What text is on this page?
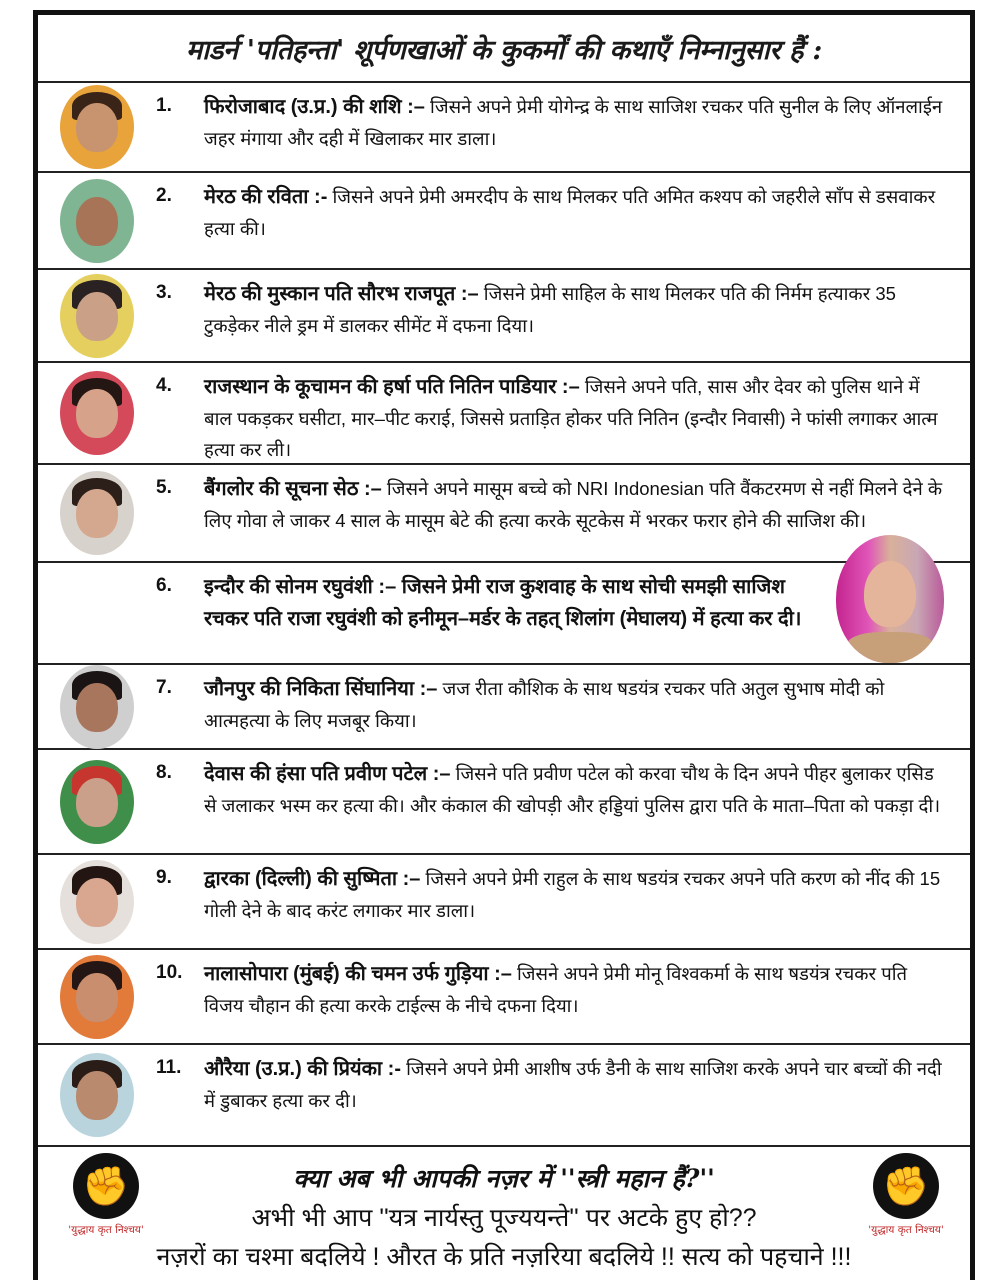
माडर्न 'पतिहन्ता' शूर्पणखाओं के कुकर्मों की कथाएँ निम्नानुसार हैं :
1.	फिरोजाबाद (उ.प्र.) की शशि :– जिसने अपने प्रेमी योगेन्द्र के साथ साजिश रचकर पति सुनील के लिए ऑनलाईन जहर मंगाया और दही में खिलाकर मार डाला।
2.	मेरठ की रविता :- जिसने अपने प्रेमी अमरदीप के साथ मिलकर पति अमित कश्यप को जहरीले साँप से डसवाकर हत्या की।
3.	मेरठ की मुस्कान पति सौरभ राजपूत :– जिसने प्रेमी साहिल के साथ मिलकर पति की निर्मम हत्याकर 35 टुकड़ेकर नीले ड्रम में डालकर सीमेंट में दफना दिया।
4.	राजस्थान के कूचामन की हर्षा पति नितिन पाडियार :– जिसने अपने पति, सास और देवर को पुलिस थाने में बाल पकड़कर घसीटा, मार–पीट कराई, जिससे प्रताड़ित होकर पति नितिन (इन्दौर निवासी) ने फांसी लगाकर आत्म हत्या कर ली।
5.	बैंगलोर की सूचना सेठ :– जिसने अपने मासूम बच्चे को NRI Indonesian पति वैंकटरमण से नहीं मिलने देने के लिए गोवा ले जाकर 4 साल के मासूम बेटे की हत्या करके सूटकेस में भरकर फरार होने की साजिश की।
6.	इन्दौर की सोनम रघुवंशी :– जिसने प्रेमी राज कुशवाह के साथ सोची समझी साजिश रचकर पति राजा रघुवंशी को हनीमून–मर्डर के तहत् शिलांग (मेघालय) में हत्या कर दी।
7.	जौनपुर की निकिता सिंघानिया :– जज रीता कौशिक के साथ षडयंत्र रचकर पति अतुल सुभाष मोदी को आत्महत्या के लिए मजबूर किया।
8.	देवास की हंसा पति प्रवीण पटेल :– जिसने पति प्रवीण पटेल को करवा चौथ के दिन अपने पीहर बुलाकर एसिड से जलाकर भस्म कर हत्या की। और कंकाल की खोपड़ी और हड्डियां पुलिस द्वारा पति के माता–पिता को पकड़ा दी।
9.	द्वारका (दिल्ली) की सुष्मिता :– जिसने अपने प्रेमी राहुल के साथ षडयंत्र रचकर अपने पति करण को नींद की 15 गोली देने के बाद करंट लगाकर मार डाला।
10.	नालासोपारा (मुंबई) की चमन उर्फ गुड़िया :– जिसने अपने प्रेमी मोनू विश्वकर्मा के साथ षडयंत्र रचकर पति विजय चौहान की हत्या करके टाईल्स के नीचे दफना दिया।
11.	औरैया (उ.प्र.) की प्रियंका :- जिसने अपने प्रेमी आशीष उर्फ डैनी के साथ साजिश करके अपने चार बच्चों की नदी में डुबाकर हत्या कर दी।
✊
'युद्धाय कृत निश्चय'
क्या अब भी आपकी नज़र में ''स्त्री महान हैं?''
अभी भी आप ''यत्र नार्यस्तु पूज्ययन्ते'' पर अटके हुए हो??
नज़रों का चश्मा बदलिये ! औरत के प्रति नज़रिया बदलिये !! सत्य को पहचाने !!!
✊
'युद्धाय कृत निश्चय'
